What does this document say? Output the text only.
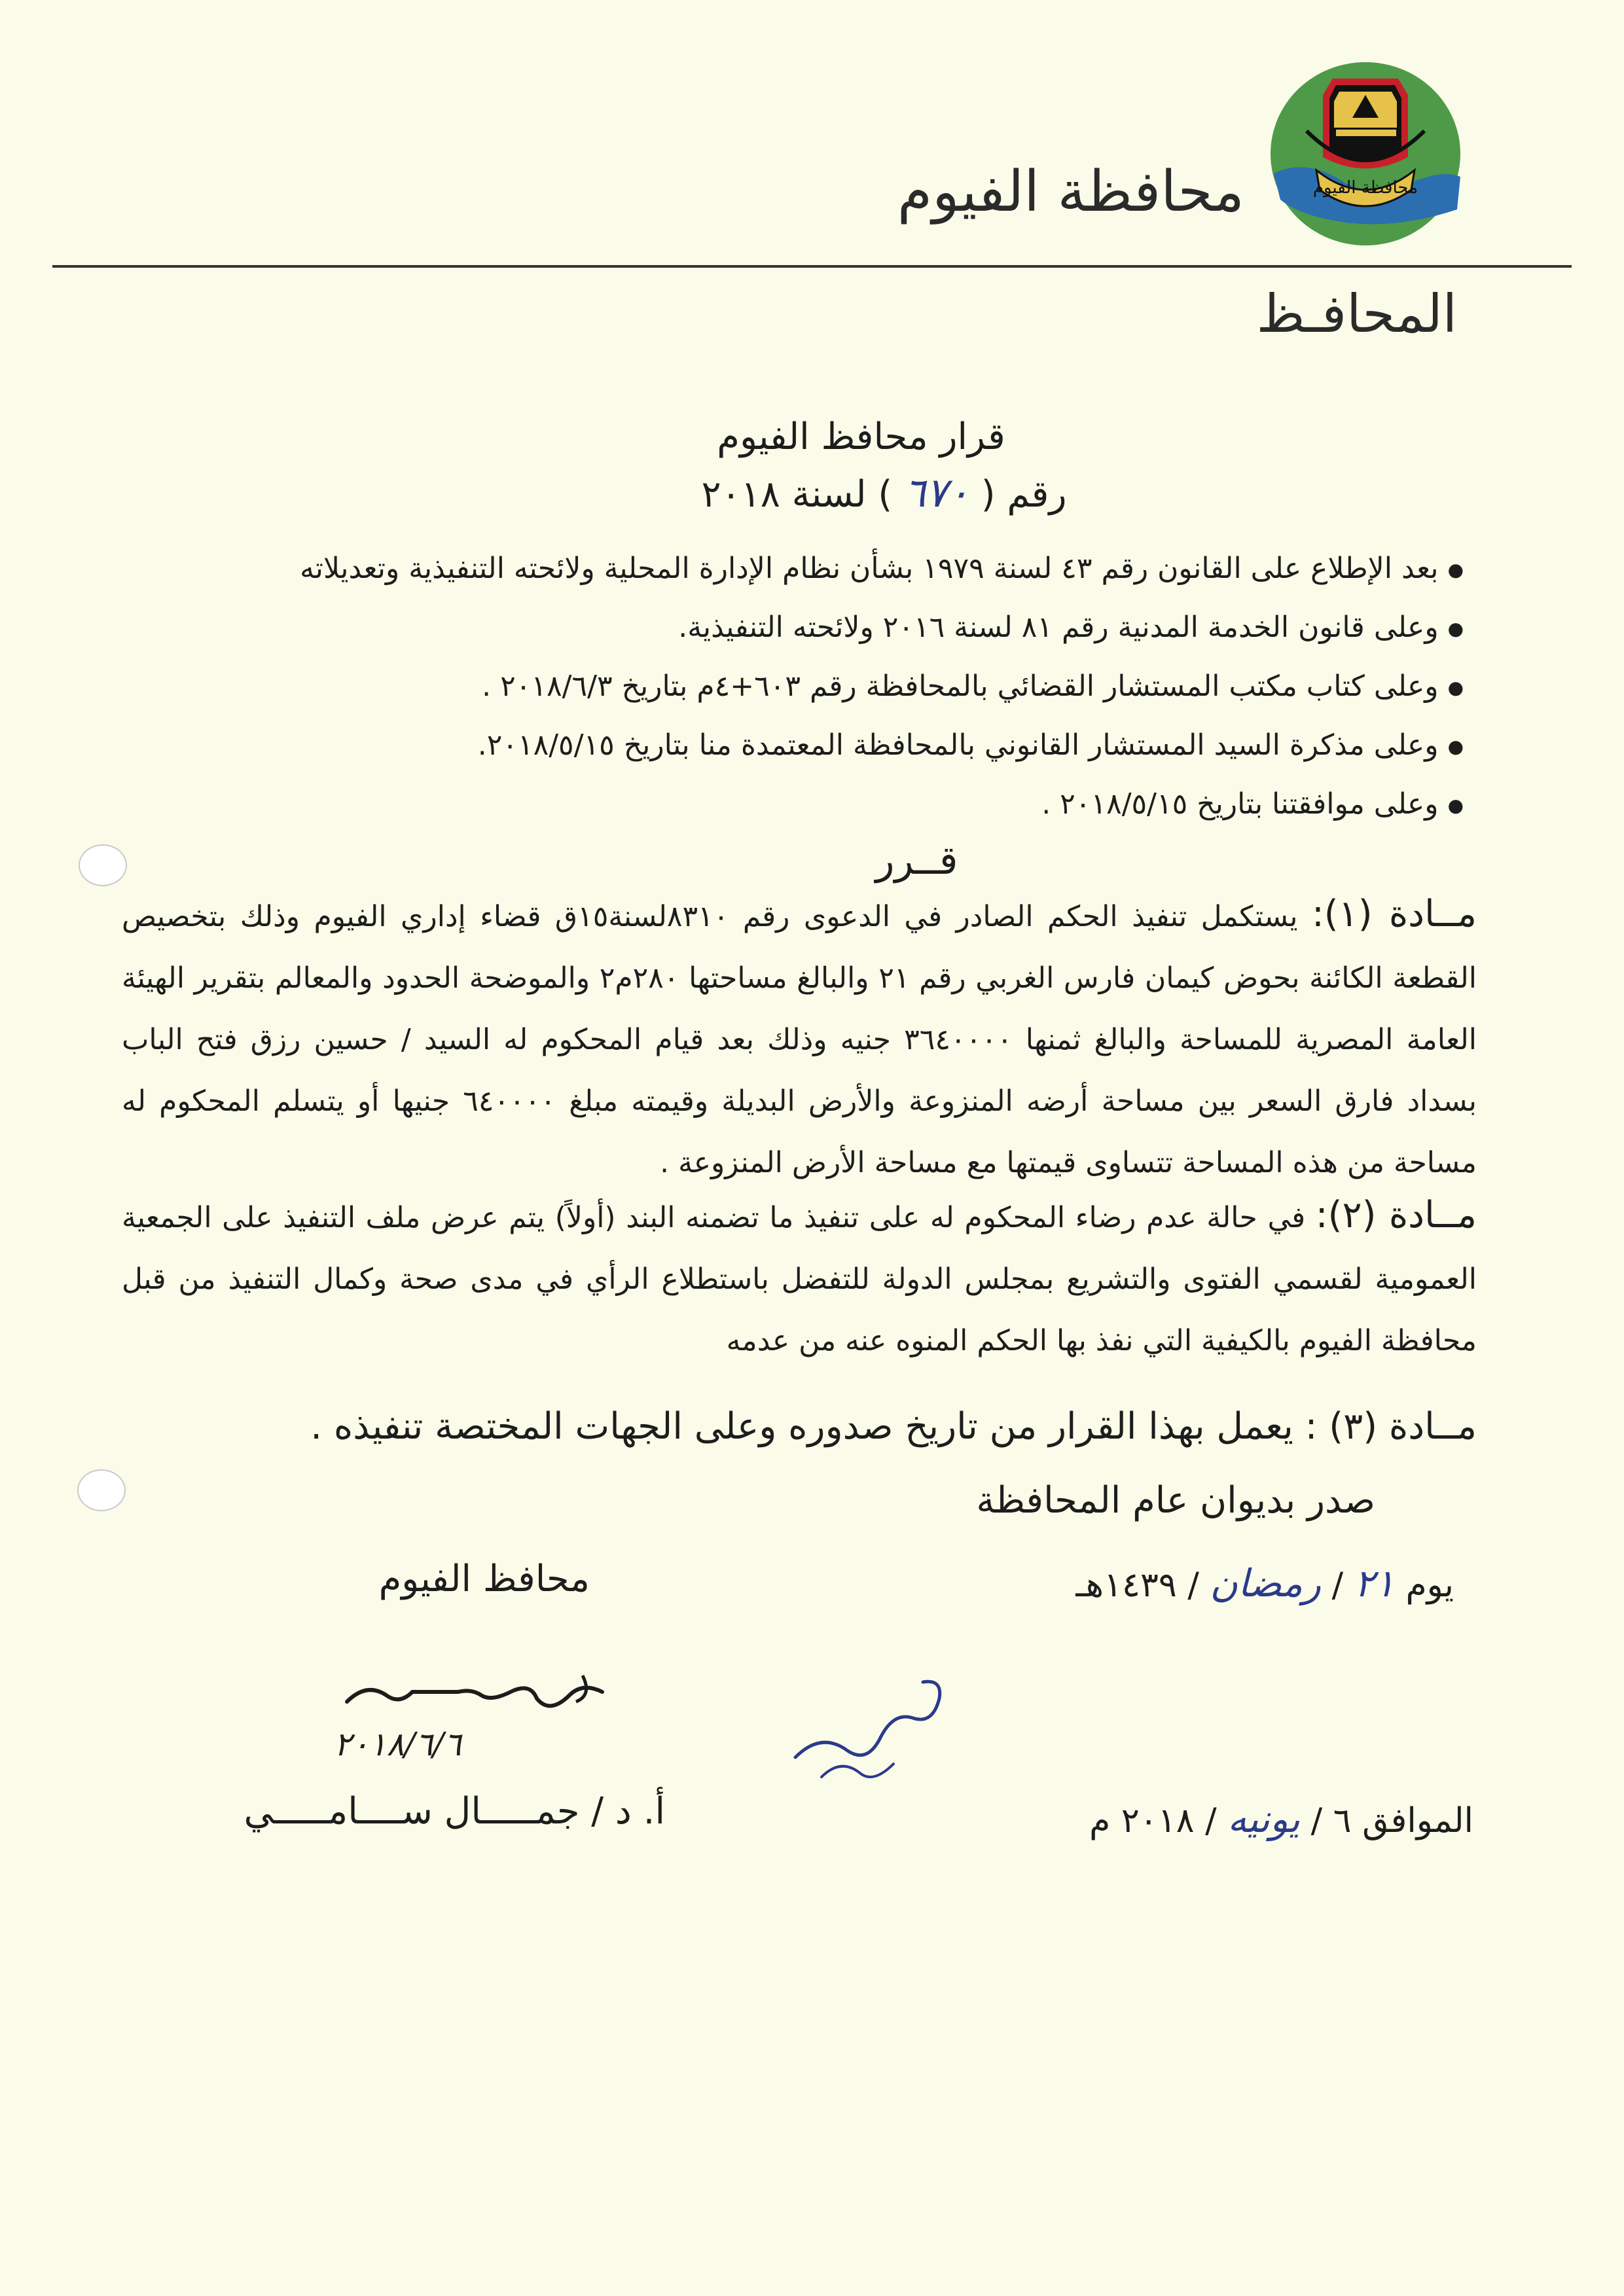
محافظة الفيوم
محافظة الفيوم
المحافـظ
قرار محافظ الفيوم
رقم ( ٦٧٠ ) لسنة ٢٠١٨
●بعد الإطلاع على القانون رقم ٤٣ لسنة ١٩٧٩ بشأن نظام الإدارة المحلية ولائحته التنفيذية وتعديلاته
●وعلى قانون الخدمة المدنية رقم ٨١ لسنة ٢٠١٦ ولائحته التنفيذية.
●وعلى كتاب مكتب المستشار القضائي بالمحافظة رقم ٦٠٣+٤م بتاريخ ٢٠١٨/٦/٣ .
●وعلى مذكرة السيد المستشار القانوني بالمحافظة المعتمدة منا بتاريخ ٢٠١٨/٥/١٥.
●وعلى موافقتنا بتاريخ ٢٠١٨/٥/١٥ .
قــرر
مــادة (١): يستكمل تنفيذ الحكم الصادر في الدعوى رقم ٨٣١٠لسنة١٥ق قضاء إداري الفيوم وذلك بتخصيص القطعة الكائنة بحوض كيمان فارس الغربي رقم ٢١ والبالغ مساحتها ٢٨٠م٢ والموضحة الحدود والمعالم بتقرير الهيئة العامة المصرية للمساحة والبالغ ثمنها ٣٦٤٠٠٠٠ جنيه وذلك بعد قيام المحكوم له السيد / حسين رزق فتح الباب بسداد فارق السعر بين مساحة أرضه المنزوعة والأرض البديلة وقيمته مبلغ ٦٤٠٠٠٠ جنيها أو يتسلم المحكوم له مساحة من هذه المساحة تتساوى قيمتها مع مساحة الأرض المنزوعة .
مــادة (٢): في حالة عدم رضاء المحكوم له على تنفيذ ما تضمنه البند (أولاً) يتم عرض ملف التنفيذ على الجمعية العمومية لقسمي الفتوى والتشريع بمجلس الدولة للتفضل باستطلاع الرأي في مدى صحة وكمال التنفيذ من قبل محافظة الفيوم بالكيفية التي نفذ بها الحكم المنوه عنه من عدمه
مــادة (٣) : يعمل بهذا القرار من تاريخ صدوره وعلى الجهات المختصة تنفيذه .
صدر بديوان عام المحافظة
يوم ٢١ / رمضان / ١٤٣٩هـ
الموافق ٦ / يونيه / ٢٠١٨ م
محافظ الفيوم
٢٠١٨/٦/٦
أ. د / جمـــــال ســــامـــــي
